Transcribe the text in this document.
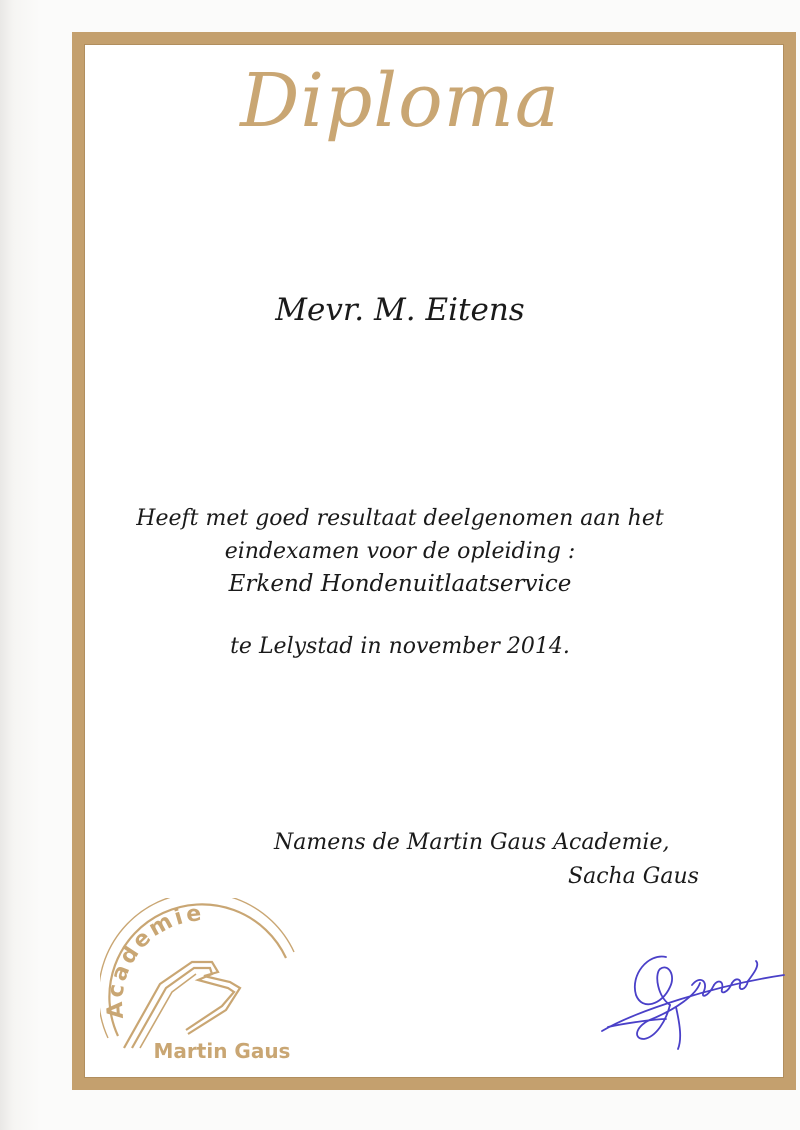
Diploma
Mevr. M. Eitens
Heeft met goed resultaat deelgenomen aan het
eindexamen voor de opleiding :
Erkend Hondenuitlaatservice
te Lelystad in november 2014.
Namens de Martin Gaus Academie,
Sacha Gaus
Academie
Martin Gaus
